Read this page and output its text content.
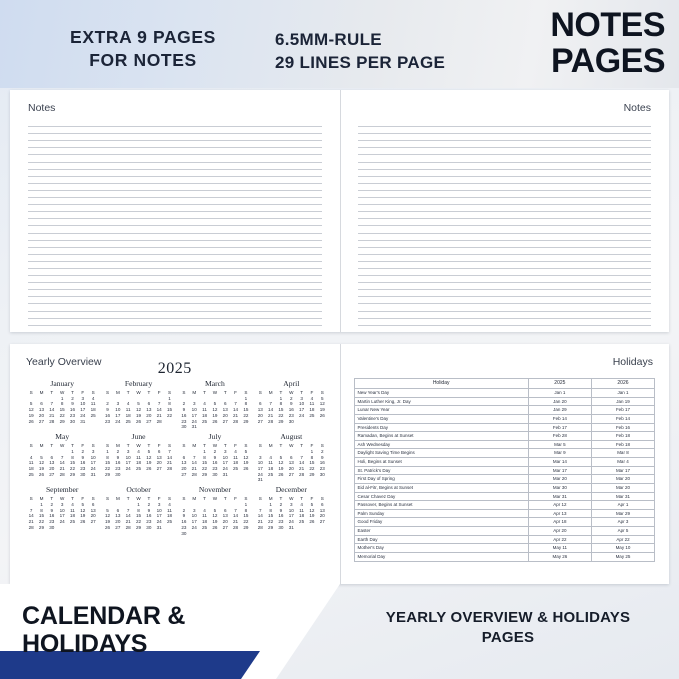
EXTRA 9 PAGES
FOR NOTES
6.5MM-RULE
29 LINES PER PAGE
NOTES
PAGES
Notes	Notes
Yearly Overview	2025
January
S	M	T	W	T	F	S
			1	2	3	4
5	6	7	8	9	10	11
12	13	14	15	16	17	18
19	20	21	22	23	24	25
26	27	28	29	30	31	
February
S	M	T	W	T	F	S
						1
2	3	4	5	6	7	8
9	10	11	12	13	14	15
16	17	18	19	20	21	22
23	24	25	26	27	28	
March
S	M	T	W	T	F	S
						1
2	3	4	5	6	7	8
9	10	11	12	13	14	15
16	17	18	19	20	21	22
23	24	25	26	27	28	29
30	31					
April
S	M	T	W	T	F	S
		1	2	3	4	5
6	7	8	9	10	11	12
13	14	15	16	17	18	19
20	21	22	23	24	25	26
27	28	29	30			
May
S	M	T	W	T	F	S
				1	2	3
4	5	6	7	8	9	10
11	12	13	14	15	16	17
18	19	20	21	22	23	24
25	26	27	28	29	30	31
June
S	M	T	W	T	F	S
1	2	3	4	5	6	7
8	9	10	11	12	13	14
15	16	17	18	19	20	21
22	23	24	25	26	27	28
29	30					
July
S	M	T	W	T	F	S
		1	2	3	4	5
6	7	8	9	10	11	12
13	14	15	16	17	18	19
20	21	22	23	24	25	26
27	28	29	30	31		
August
S	M	T	W	T	F	S
					1	2
3	4	5	6	7	8	9
10	11	12	13	14	15	16
17	18	19	20	21	22	23
24	25	26	27	28	29	30
31						
September
S	M	T	W	T	F	S
	1	2	3	4	5	6
7	8	9	10	11	12	13
14	15	16	17	18	19	20
21	22	23	24	25	26	27
28	29	30				
October
S	M	T	W	T	F	S
			1	2	3	4
5	6	7	8	9	10	11
12	13	14	15	16	17	18
19	20	21	22	23	24	25
26	27	28	29	30	31	
November
S	M	T	W	T	F	S
						1
2	3	4	5	6	7	8
9	10	11	12	13	14	15
16	17	18	19	20	21	22
23	24	25	26	27	28	29
30						
December
S	M	T	W	T	F	S
	1	2	3	4	5	6
7	8	9	10	11	12	13
14	15	16	17	18	19	20
21	22	23	24	25	26	27
28	29	30	31			
Holidays
Holiday	2025	2026
New Year's Day	Jan 1	Jan 1
Martin Luther King, Jr. Day	Jan 20	Jan 19
Lunar New Year	Jan 29	Feb 17
Valentine's Day	Feb 14	Feb 14
Presidents Day	Feb 17	Feb 16
Ramadan, Begins at Sunset	Feb 28	Feb 18
Ash Wednesday	Mar 5	Feb 18
Daylight Saving Time Begins	Mar 9	Mar 8
Holi, Begins at Sunset	Mar 14	Mar 4
St. Patrick's Day	Mar 17	Mar 17
First Day of Spring	Mar 20	Mar 20
Eid al-Fitr, Begins at Sunset	Mar 30	Mar 20
Cesar Chavez Day	Mar 31	Mar 31
Passover, Begins at Sunset	Apr 12	Apr 1
Palm Sunday	Apr 13	Mar 29
Good Friday	Apr 18	Apr 3
Easter	Apr 20	Apr 5
Earth Day	Apr 22	Apr 22
Mother's Day	May 11	May 10
Memorial Day	May 26	May 25
CALENDAR &
HOLIDAYS
YEARLY OVERVIEW & HOLIDAYS
PAGES
